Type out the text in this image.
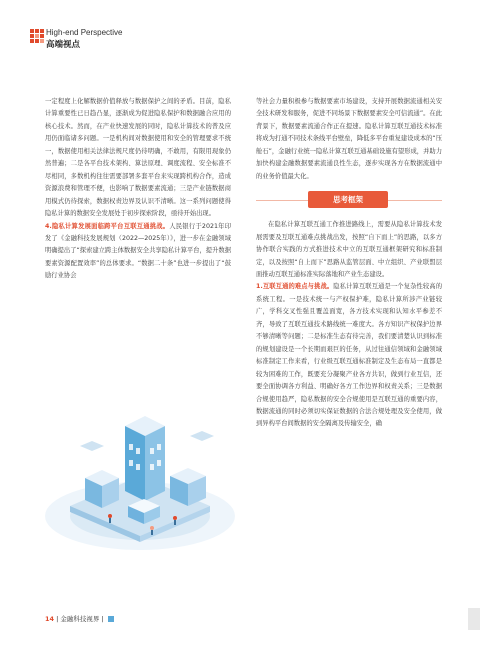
High-end Perspective
高端视点

一定程度上化解数据价值释放与数据保护之间的矛盾。目前，隐私计算重要性已日趋凸显，逐渐成为促进隐私保护和数据融合应用的核心技术。然而，在产业快速发展的同时，隐私计算技术的普及应用仍面临诸多问题。一是机构间对数据使用和安全的管理要求不统一，数据使用相关法律法规尺度仍待明确，不敢用，有限用现象仍然普遍；二是各平台技术架构、算法原理、调度流程、安全标准不尽相同，多数机构往往需要部署多套平台来实现跨机构合作，造成资源浪费和管理不便，也影响了数据要素流通；三是产业链数据商用模式仍待探索，数据权责边界及认识不清晰。这一系列问题使得隐私计算的数据安全发展处于初步探索阶段，亟待开始出现。

4.隐私计算发展面临跨平台互联互通挑战。人民银行于2021年印发了《金融科技发展规划（2022—2025年）》，进一步在金融领域明确提出了“探索建立跨主体数据安全共享隐私计算平台，提升数据要素资源配置效率”的总体要求。“数据二十条”也进一步提出了“鼓励行业协会

等社会力量积极参与数据要素市场建设，支持开展数据流通相关安全技术研发和服务，促进不同场景下数据要素安全可信流通”。在此背景下，数据要素流通合作正在提速。隐私计算互联互通技术标准将成为打通不同技术条线平台壁垒，降低多平台重复建设成本的“压舱石”，金融行业统一隐私计算互联互通基础设施有望形成，并助力加快构建金融数据要素流通良性生态，逐步实现各方在数据流通中的业务价值最大化。

思考框架

在隐私计算互联互通工作推进路线上，需要从隐私计算技术发展需要及互联互通难点挑战出发，按照“自下而上”的思路，以多方协作联合实践的方式推进技术中立的互联互通框架研究和标准制定，以及按照“自上而下”思路从监管层面、中立组织、产业联盟层面推动互联互通标准实际落地和产业生态建设。

1.互联互通的难点与挑战。隐私计算互联互通是一个复杂性较高的系统工程。一是技术统一与产权保护难，隐私计算所涉产业链较广，学科交叉性强且覆盖面宽，各方技术实现和认知水平参差不齐，导致了互联互通技术路线统一难度大。各方知识产权保护边界不够清晰等问题；二是标准生态有待完善，我们要清楚认识到标准的规划建设是一个长期而艰巨的任务，从过往通信领域和金融领域标准制定工作来看，行业级互联互通标准制定及生态布局一直都是较为困难的工作，既要充分凝聚产业各方共识，做到行业互信，还要全面协调各方利益、明确好各方工作边界和权责关系；三是数据合规使用趋严，隐私数据的安全合规使用是互联互通的重要内容，数据流通的同时必须切实保证数据的合法合规处理及安全使用，做到异构平台间数据的安全隔离及传输安全，确

14 | 金融科技视界 |
